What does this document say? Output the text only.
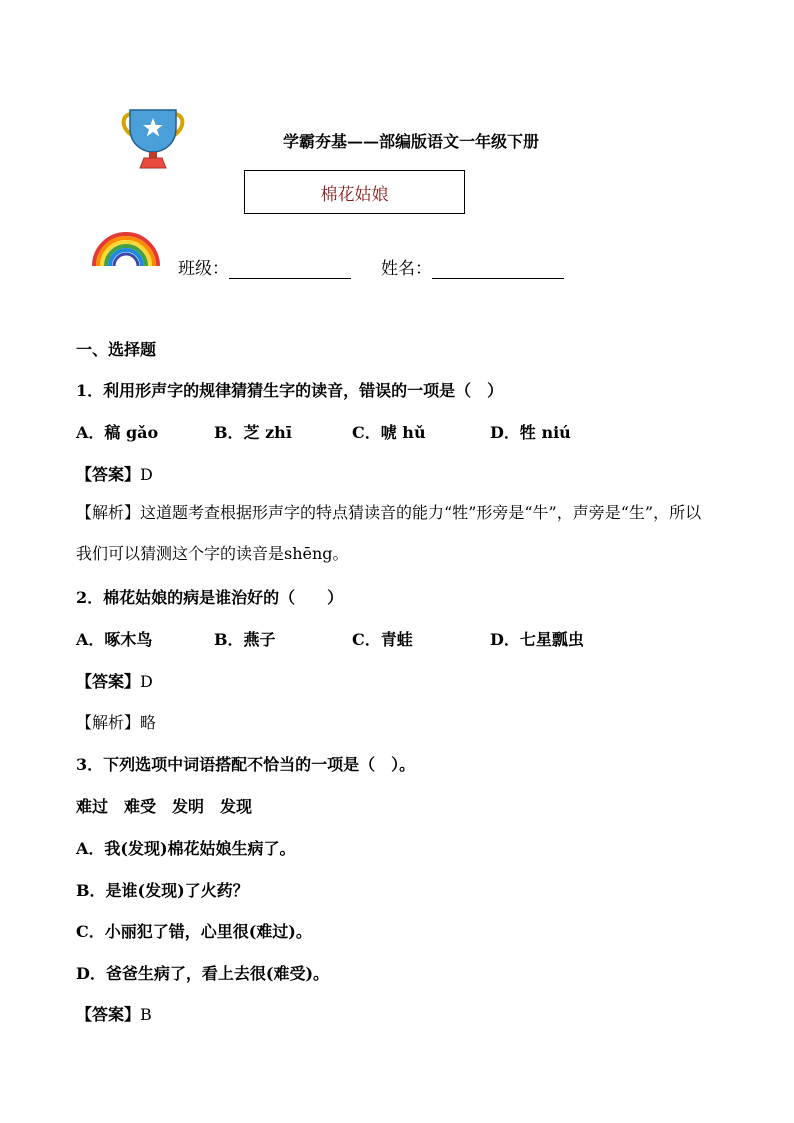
学霸夯基——部编版语文一年级下册
棉花姑娘
班级：	姓名：
一、选择题
1．利用形声字的规律猜猜生字的读音，错误的一项是（　）
A．稿 gǎo	B．芝 zhī	C．唬 hǔ	D．牲 niú
【答案】D
【解析】这道题考查根据形声字的特点猜读音的能力“牲”形旁是“牛”，声旁是“生”，所以我们可以猜测这个字的读音是shēng。
2．棉花姑娘的病是谁治好的（　　）
A．啄木鸟	B．燕子	C．青蛙	D．七星瓢虫
【答案】D
【解析】略
3．下列选项中词语搭配不恰当的一项是（　）。
难过　难受　发明　发现
A．我(发现)棉花姑娘生病了。
B．是谁(发现)了火药？
C．小丽犯了错，心里很(难过)。
D．爸爸生病了，看上去很(难受)。
【答案】B
